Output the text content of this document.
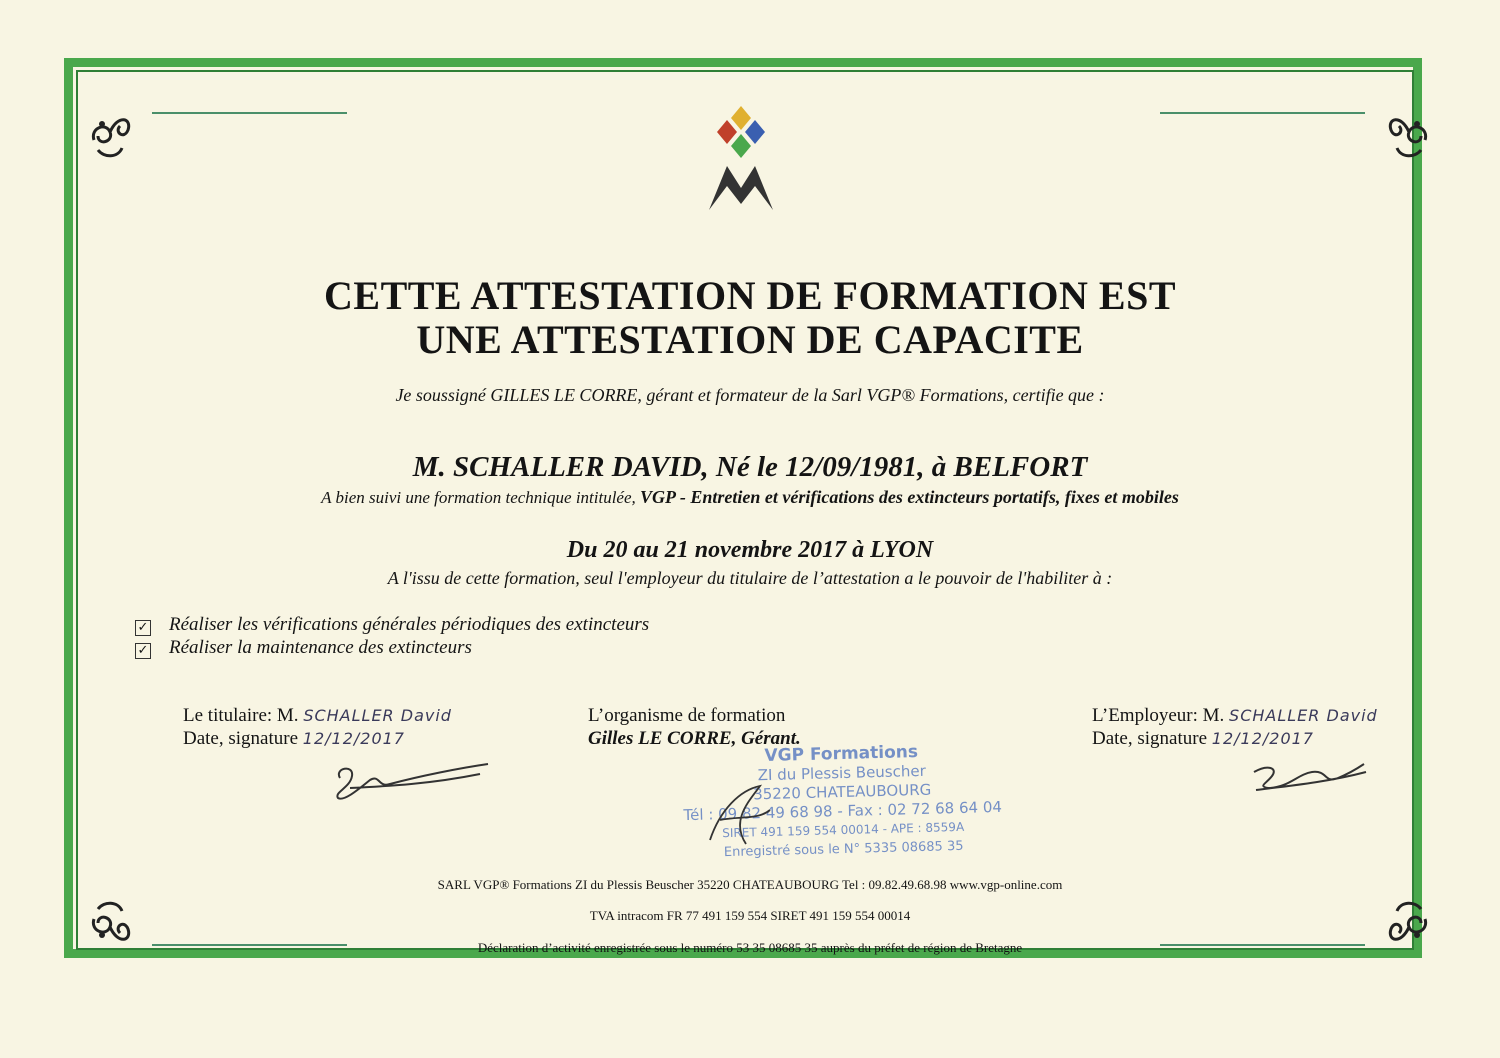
CETTE ATTESTATION DE FORMATION EST
UNE ATTESTATION DE CAPACITE

Je soussigné GILLES LE CORRE, gérant et formateur de la Sarl VGP® Formations, certifie que :

M. SCHALLER DAVID, Né le 12/09/1981, à BELFORT

A bien suivi une formation technique intitulée, VGP - Entretien et vérifications des extincteurs portatifs, fixes et mobiles

Du 20 au 21 novembre 2017 à LYON

A l'issu de cette formation, seul l'employeur du titulaire de l’attestation a le pouvoir de l'habiliter à :

✓ Réaliser les vérifications générales périodiques des extincteurs
✓ Réaliser la maintenance des extincteurs
Le titulaire: M. SCHALLER David
Date, signature 12/12/2017
L’organisme de formation
Gilles LE CORRE, Gérant.
L’Employeur: M. SCHALLER David
Date, signature 12/12/2017
VGP Formations
ZI du Plessis Beuscher
35220 CHATEAUBOURG
Tél : 09 82 49 68 98 - Fax : 02 72 68 64 04
SIRET 491 159 554 00014 - APE : 8559A
Enregistré sous le N° 5335 08685 35

SARL VGP® Formations ZI du Plessis Beuscher 35220 CHATEAUBOURG Tel : 09.82.49.68.98 www.vgp-online.com

TVA intracom FR 77 491 159 554 SIRET 491 159 554 00014

Déclaration d’activité enregistrée sous le numéro 53 35 08685 35 auprès du préfet de région de Bretagne
